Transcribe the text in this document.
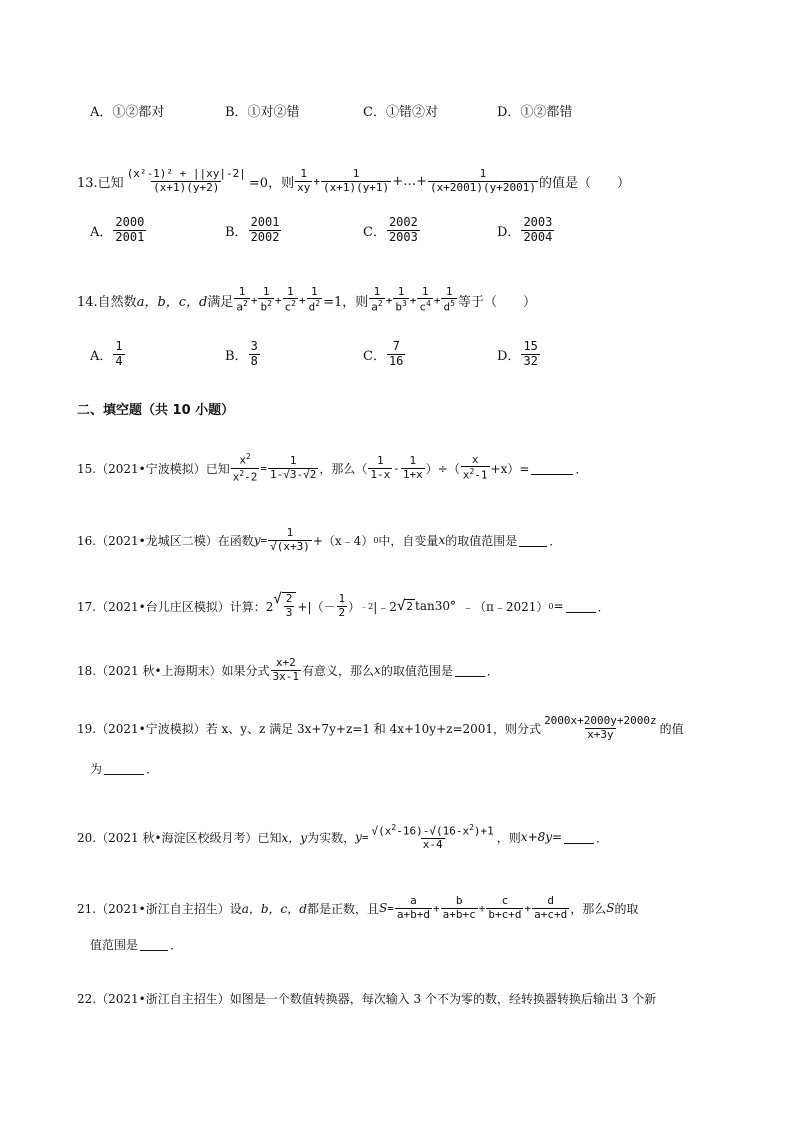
A．①②都对	B．①对②错	C．①错②对	D．①②都错
13.已知 $\frac{\text{(x²-1)² + ||xy|-2|}}{(x+1)(y+2)} =0$，则 $\frac{1}{xy} + \frac{1}{(x+1)(y+1)}$ +…+ $\frac{1}{(x+2001)(y+2001)}$ 的值是（　　）
A． $\frac{2000}{2001}$	B． $\frac{2001}{2002}$	C． $\frac{2002}{2003}$	D． $\frac{2003}{2004}$
14.自然数 a，b，c，d 满足
1
$a^2 + \frac{1}{b^2} + \frac{1}{c^2} + \frac{1}{d^2} =1$，则
1
$a^2 + \frac{1}{b^3} + \frac{1}{c^4} + \frac{1}{d^5}$ 等于（　　）
A． $\frac{1}{4}$	B． $\frac{3}{8}$	C． $\frac{7}{16}$	D． $\frac{15}{32}$
二、填空题（共 10 小题）
15.（2021•宁波模拟）已知 $\frac{x^2}{x^2-2} = \frac{1}{1-√3-√2}$ ，那么（
1
1-x -
1
1+x ）÷（
x
$x^2-1 +x)=$	．
16.（2021•龙城区二模）在函数 $y = \frac{1}{√(x+3)}$ +（x﹣4） 0 中，自变量 x 的取值范围是	．
17.（2021•台儿庄区模拟）计算：2 √ 2
3 +|（－
1
2 ） ﹣2 |﹣2 √ 2 tan30° ﹣（π﹣2021） 0 =	．
18.（2021 秋•上海期末）如果分式 $\frac{x+2}{3x-1}$ 有意义，那么 x 的取值范围是	．
19.（2021•宁波模拟）若 x、y、z 满足 3x+7y+z=1 和 4x+10y+z=2001，则分式 $\frac{2000x+2000y+2000z}{x+3y}$ 的值
为	．
20.（2021 秋•海淀区校级月考）已知 x，y 为实数， $y = \frac{√(x^2-16)-√(16-x^2)+1}{x-4}$ ，则 x+8y =	．
21.（2021•浙江自主招生）设 a，b，c，d 都是正数，且 $S = \frac{a}{a+b+d} + \frac{b}{a+b+c} + \frac{c}{b+c+d} + \frac{d}{a+c+d}$ ，那么 S 的取
值范围是	．
22.（2021•浙江自主招生）如图是一个数值转换器，每次输入 3 个不为零的数，经转换器转换后输出 3 个新
